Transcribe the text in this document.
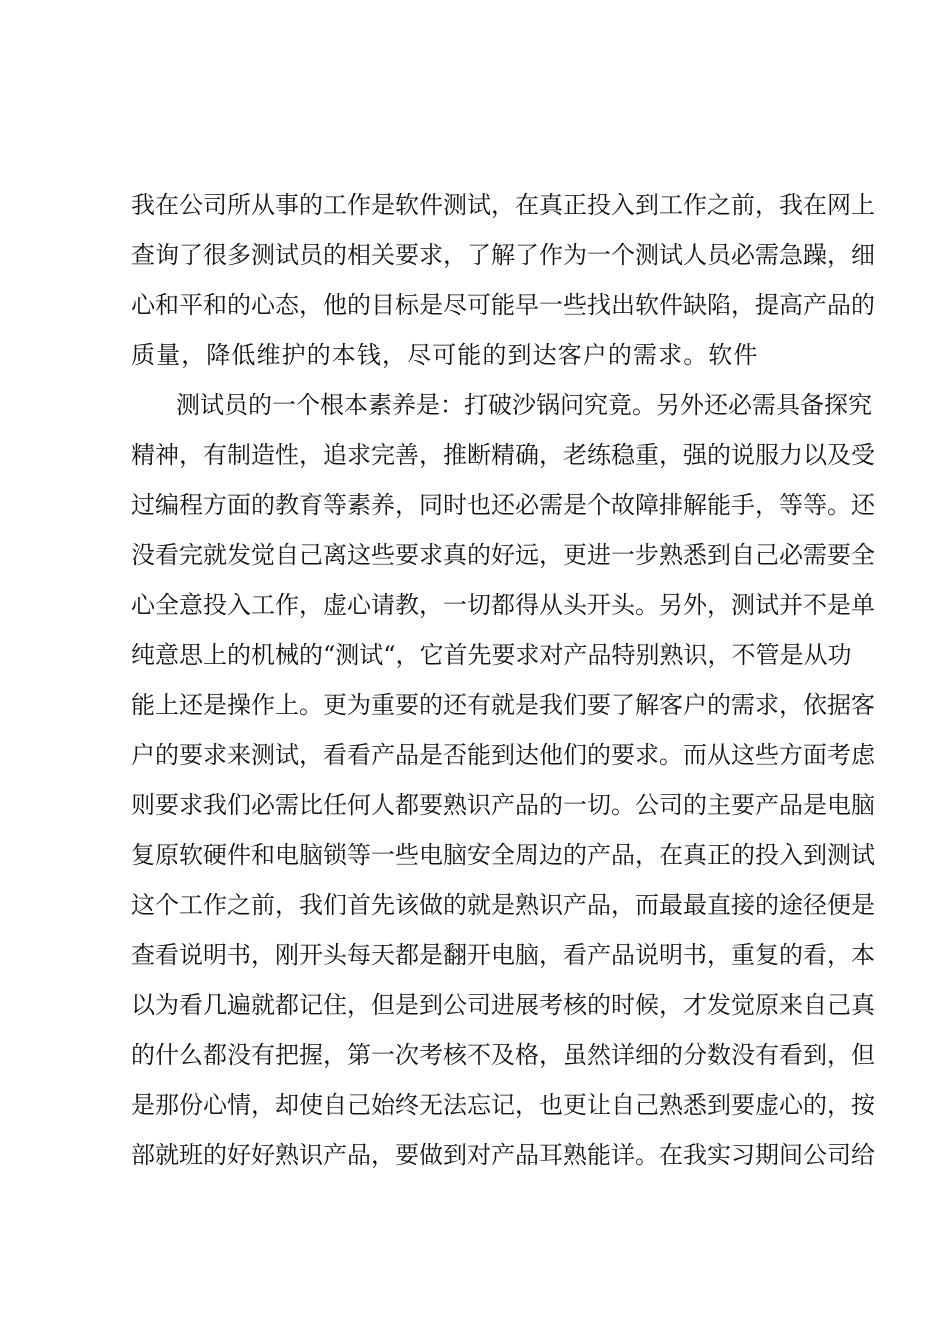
我在公司所从事的工作是软件测试，在真正投入到工作之前，我在网上

查询了很多测试员的相关要求，了解了作为一个测试人员必需急躁，细

心和平和的心态，他的目标是尽可能早一些找出软件缺陷，提高产品的

质量，降低维护的本钱，尽可能的到达客户的需求。软件

测试员的一个根本素养是：打破沙锅问究竟。另外还必需具备探究

精神，有制造性，追求完善，推断精确，老练稳重，强的说服力以及受

过编程方面的教育等素养，同时也还必需是个故障排解能手，等等。还

没看完就发觉自己离这些要求真的好远，更进一步熟悉到自己必需要全

心全意投入工作，虚心请教，一切都得从头开头。另外，测试并不是单

纯意思上的机械的“测试“，它首先要求对产品特别熟识，不管是从功

能上还是操作上。更为重要的还有就是我们要了解客户的需求，依据客

户的要求来测试，看看产品是否能到达他们的要求。而从这些方面考虑

则要求我们必需比任何人都要熟识产品的一切。公司的主要产品是电脑

复原软硬件和电脑锁等一些电脑安全周边的产品，在真正的投入到测试

这个工作之前，我们首先该做的就是熟识产品，而最最直接的途径便是

查看说明书，刚开头每天都是翻开电脑，看产品说明书，重复的看，本

以为看几遍就都记住，但是到公司进展考核的时候，才发觉原来自己真

的什么都没有把握，第一次考核不及格，虽然详细的分数没有看到，但

是那份心情，却使自己始终无法忘记，也更让自己熟悉到要虚心的，按

部就班的好好熟识产品，要做到对产品耳熟能详。在我实习期间公司给
